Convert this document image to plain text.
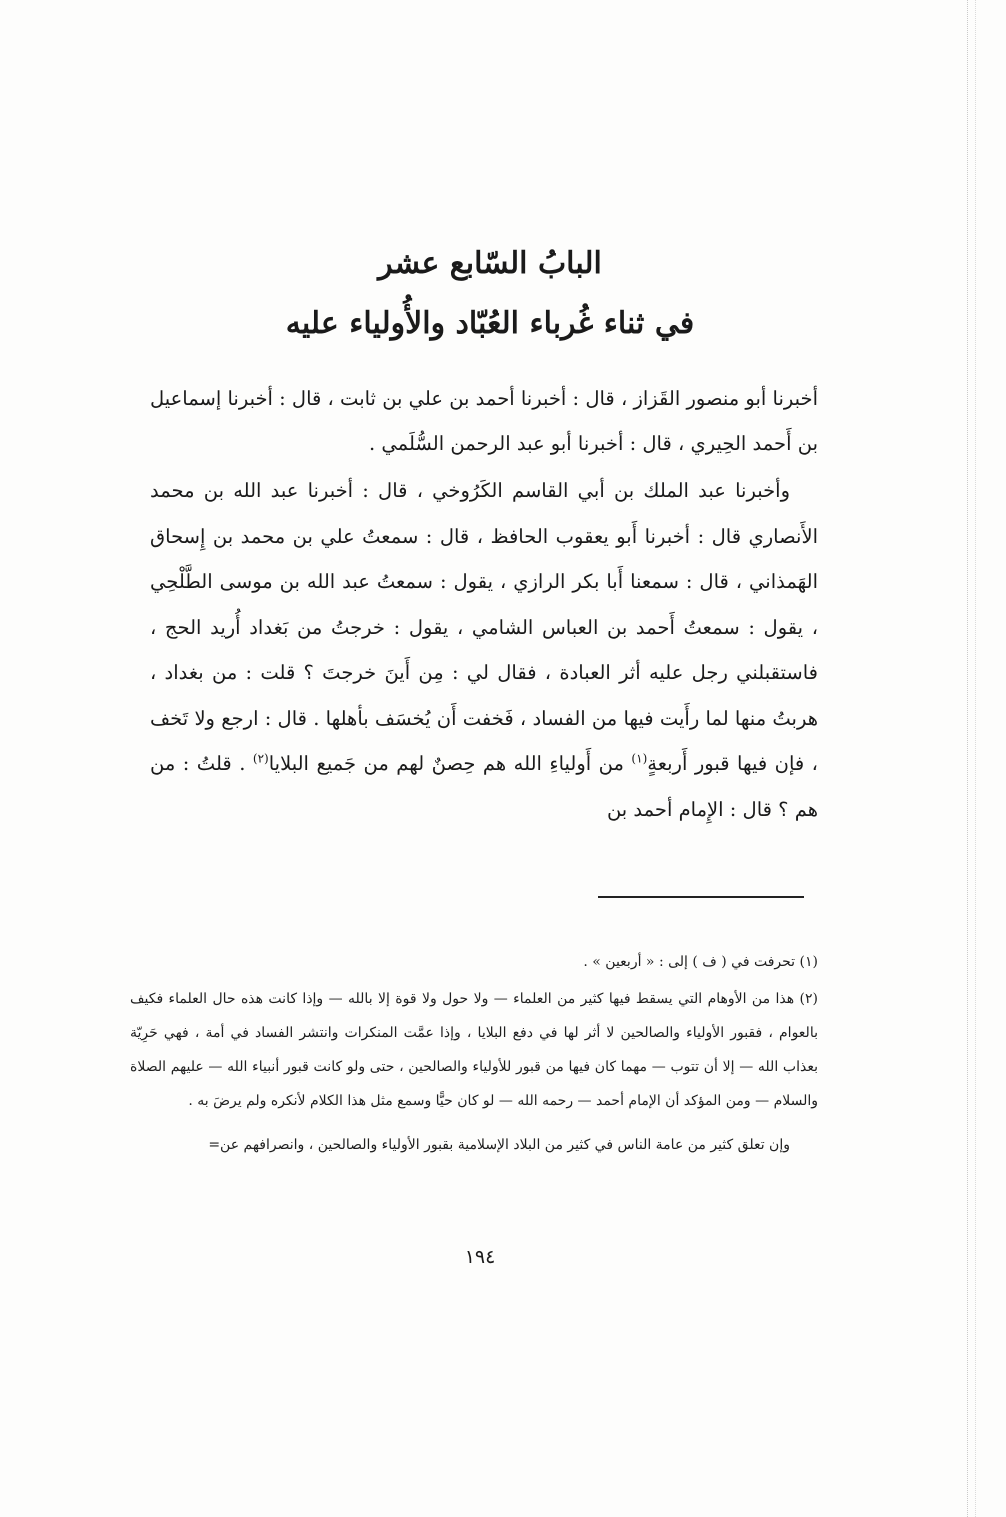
البابُ السّابع عشر
في ثناء غُرباء العُبّاد والأُولياء عليه

أخبرنا أبو منصور القَزاز ، قال : أخبرنا أحمد بن علي بن ثابت ، قال : أخبرنا إسماعيل بن أَحمد الحِيري ، قال : أخبرنا أبو عبد الرحمن السُّلَمي .

وأخبرنا عبد الملك بن أبي القاسم الكَرُوخي ، قال : أخبرنا عبد الله بن محمد الأَنصاري قال : أخبرنا أَبو يعقوب الحافظ ، قال : سمعتُ علي بن محمد بن إِسحاق الهَمذاني ، قال : سمعنا أَبا بكر الرازي ، يقول : سمعتُ عبد الله بن موسى الطَّلْحِي ، يقول : سمعتُ أَحمد بن العباس الشامي ، يقول : خرجتُ من بَغداد أُريد الحج ، فاستقبلني رجل عليه أثر العبادة ، فقال لي : مِن أَينَ خرجتَ ؟ قلت : من بغداد ، هربتُ منها لما رأَيت فيها من الفساد ، فَخفت أَن يُخسَف بأهلها . قال : ارجع ولا تَخف ، فإن فيها قبور أَربعةٍ$^{(١)}$ من أَولياءِ الله هم حِصنٌ لهم من جَميع البلايا$^{(٢)}$ . قلتُ : من هم ؟ قال : الإِمام أحمد بن

(١) تحرفت في ( ف ) إلى : « أربعين » .

(٢) هذا من الأوهام التي يسقط فيها كثير من العلماء — ولا حول ولا قوة إلا بالله — وإذا كانت هذه حال العلماء فكيف بالعوام ، فقبور الأولياء والصالحين لا أثر لها في دفع البلايا ، وإذا عمَّت المنكرات وانتشر الفساد في أمة ، فهي حَرِيّة بعذاب الله — إلا أن تتوب — مهما كان فيها من قبور للأولياء والصالحين ، حتى ولو كانت قبور أنبياء الله — عليهم الصلاة والسلام — ومن المؤكد أن الإمام أحمد — رحمه الله — لو كان حيًّا وسمع مثل هذا الكلام لأنكره ولم يرضَ به .

وإن تعلق كثير من عامة الناس في كثير من البلاد الإسلامية بقبور الأولياء والصالحين ، وانصرافهم عن=

١٩٤
